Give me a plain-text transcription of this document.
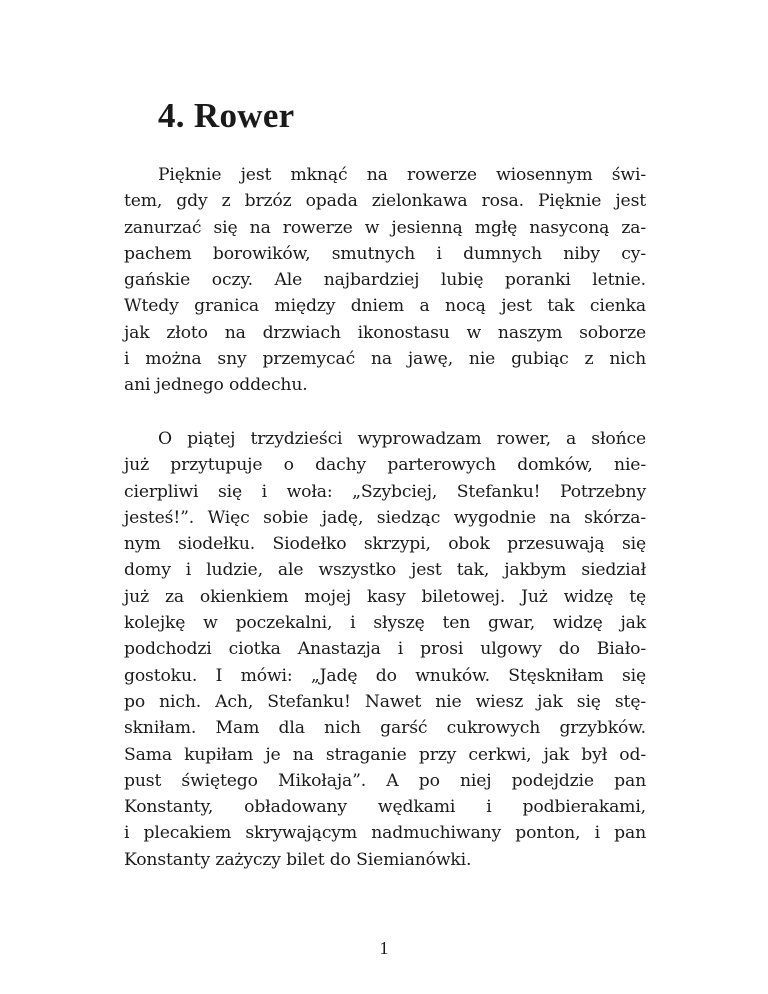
4. Rower

Pięknie jest mknąć na rowerze wiosennym świ-
tem, gdy z brzóz opada zielonkawa rosa. Pięknie jest
zanurzać się na rowerze w jesienną mgłę nasyconą za-
pachem borowików, smutnych i dumnych niby cy-
gańskie oczy. Ale najbardziej lubię poranki letnie.
Wtedy granica między dniem a nocą jest tak cienka
jak złoto na drzwiach ikonostasu w naszym soborze
i można sny przemycać na jawę, nie gubiąc z nich
ani jednego oddechu.

O piątej trzydzieści wyprowadzam rower, a słońce
już przytupuje o dachy parterowych domków, nie-
cierpliwi się i woła: „Szybciej, Stefanku! Potrzebny
jesteś!”. Więc sobie jadę, siedząc wygodnie na skórza-
nym siodełku. Siodełko skrzypi, obok przesuwają się
domy i ludzie, ale wszystko jest tak, jakbym siedział
już za okienkiem mojej kasy biletowej. Już widzę tę
kolejkę w poczekalni, i słyszę ten gwar, widzę jak
podchodzi ciotka Anastazja i prosi ulgowy do Biało-
gostoku. I mówi: „Jadę do wnuków. Stęskniłam się
po nich. Ach, Stefanku! Nawet nie wiesz jak się stę-
skniłam. Mam dla nich garść cukrowych grzybków.
Sama kupiłam je na straganie przy cerkwi, jak był od-
pust świętego Mikołaja”. A po niej podejdzie pan
Konstanty, obładowany wędkami i podbierakami,
i plecakiem skrywającym nadmuchiwany ponton, i pan
Konstanty zażyczy bilet do Siemianówki.

1
